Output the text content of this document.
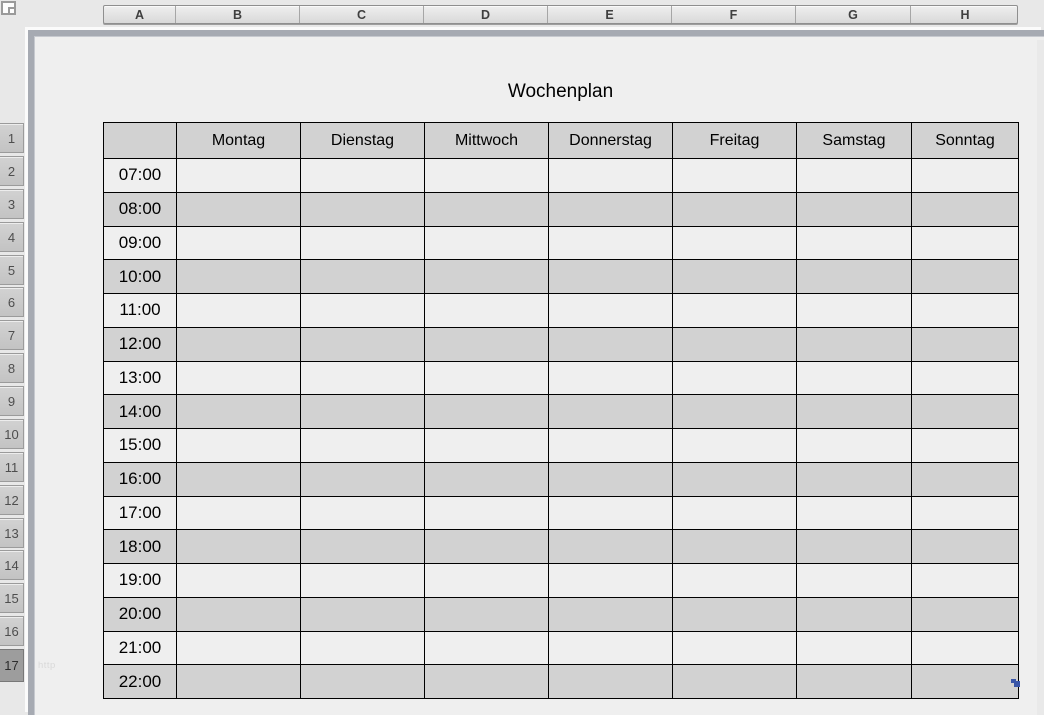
A	B	C	D	E	F	G	H
1
2
3
4
5
6
7
8
9
10
11
12
13
14
15
16
17
Wochenplan
	Montag	Dienstag	Mittwoch	Donnerstag	Freitag	Samstag	Sonntag
07:00							
08:00							
09:00							
10:00							
11:00							
12:00							
13:00							
14:00							
15:00							
16:00							
17:00							
18:00							
19:00							
20:00							
21:00							
22:00							
http
